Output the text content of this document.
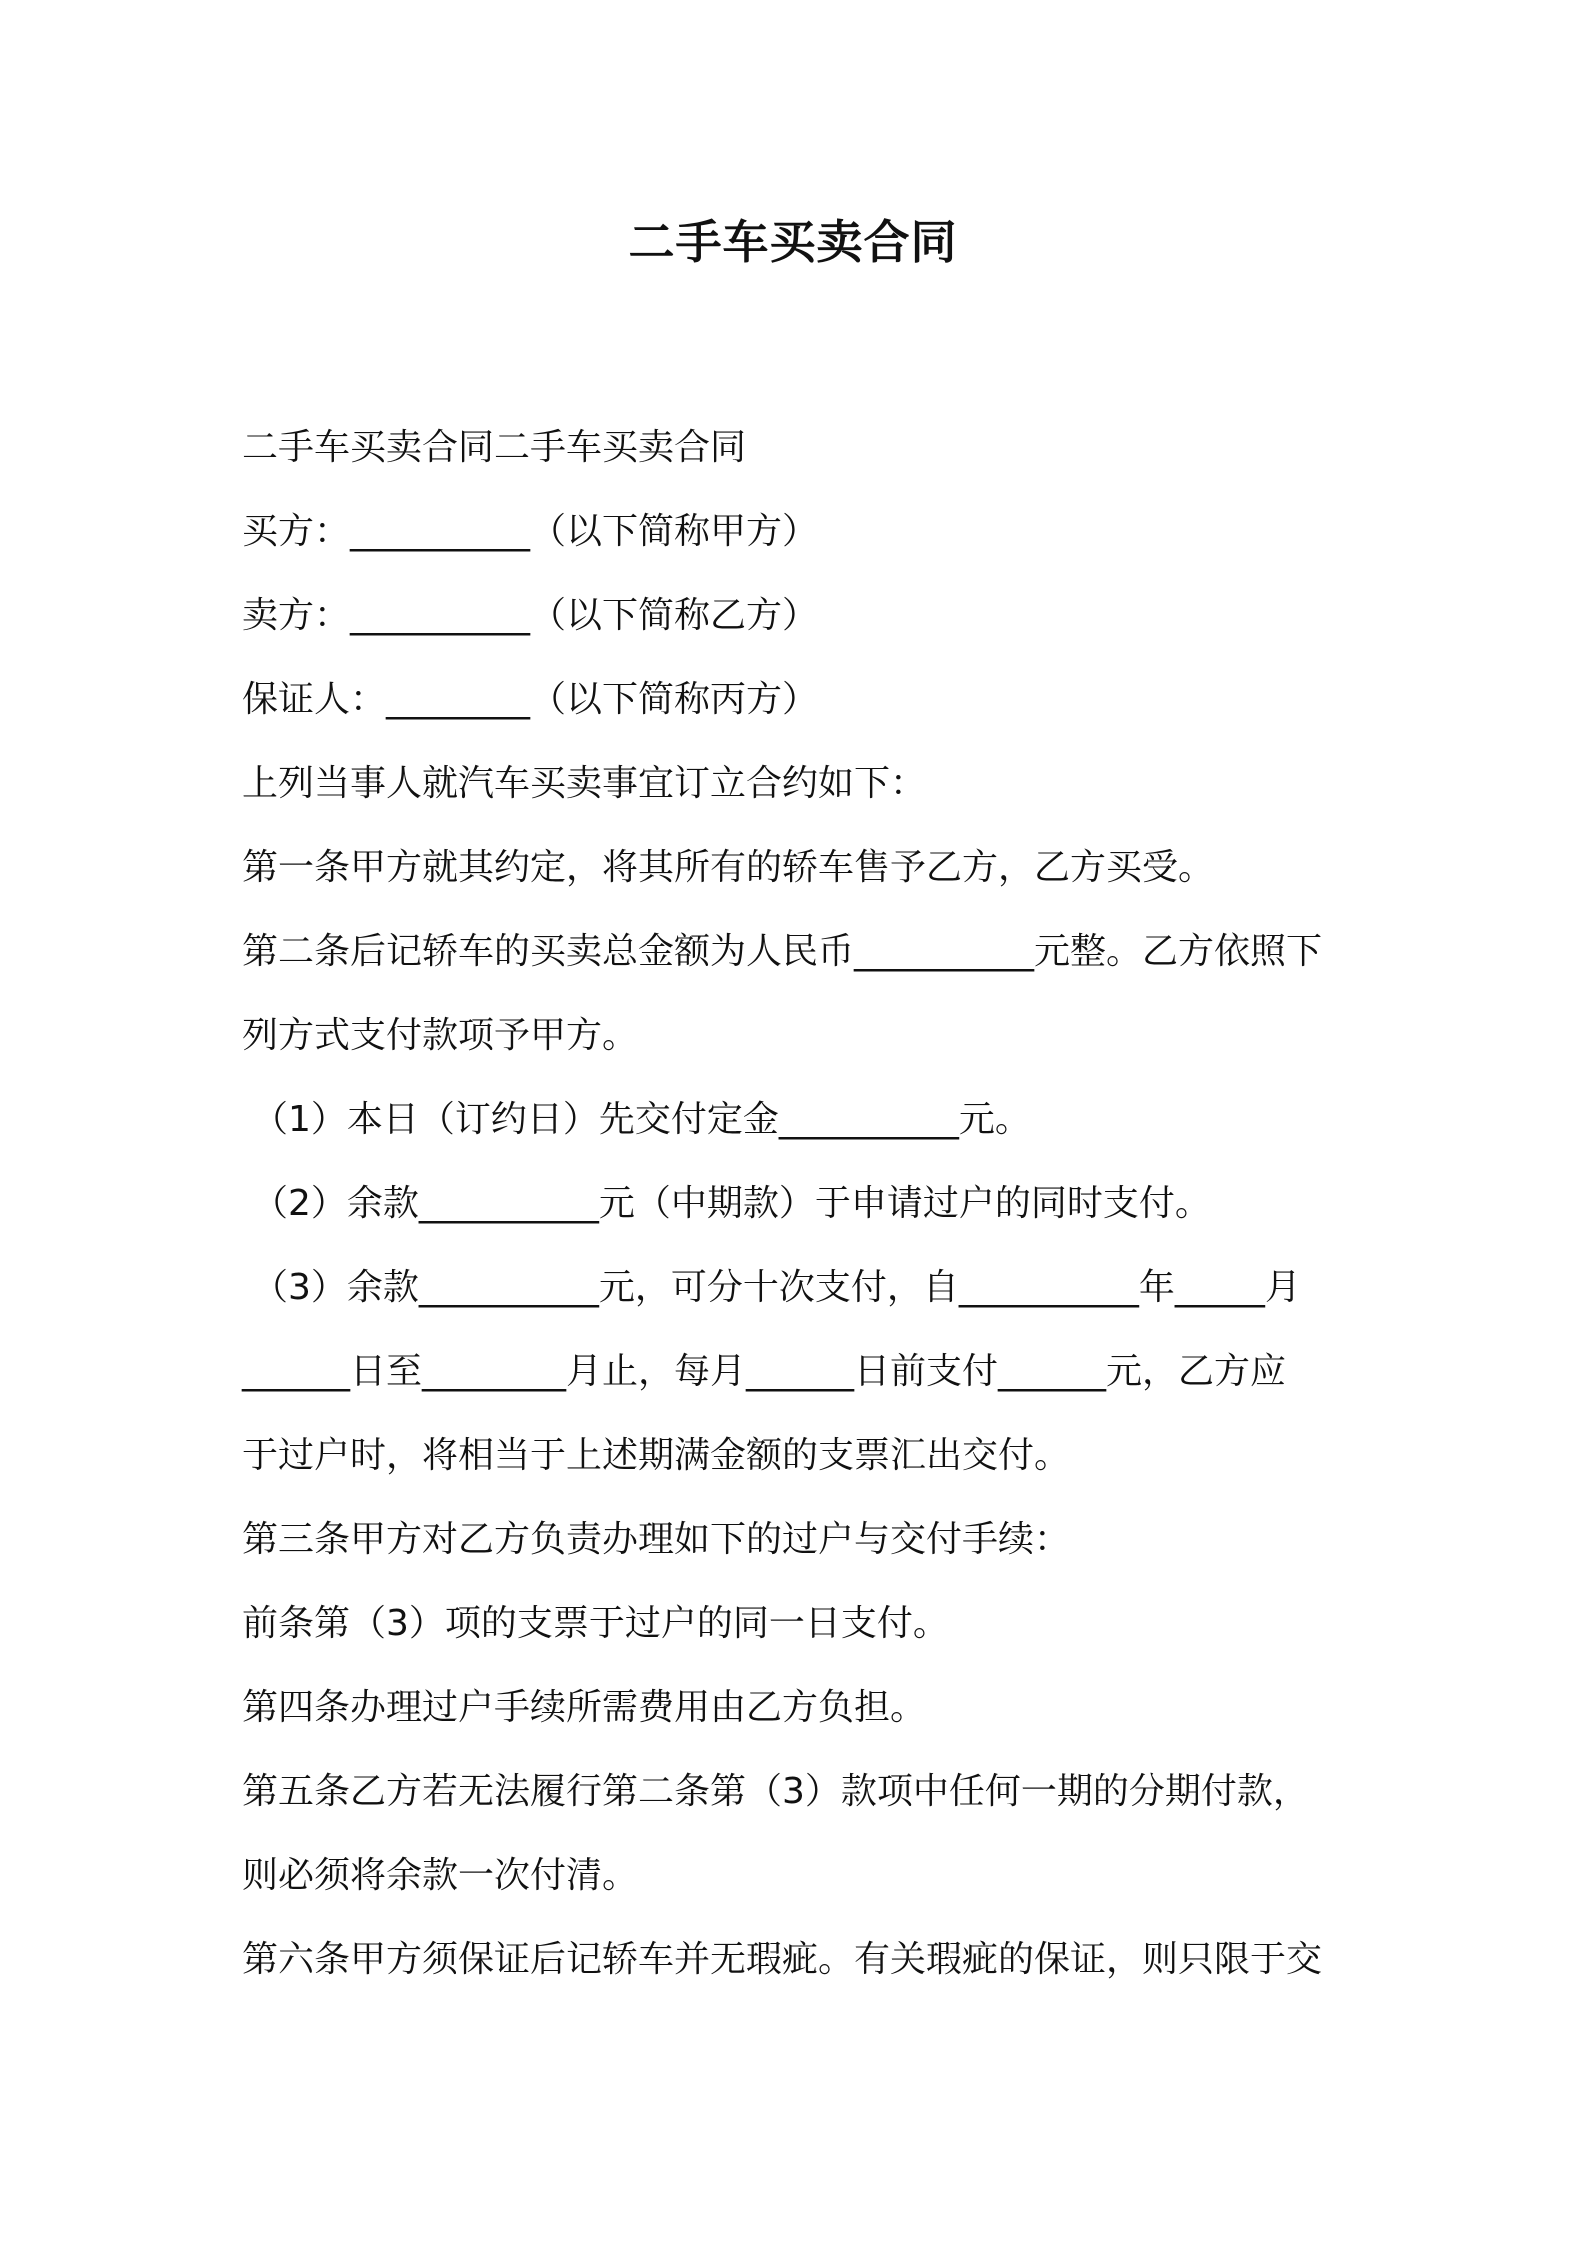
二手车买卖合同
二手车买卖合同二手车买卖合同
买方：__________（以下简称甲方）
卖方：__________（以下简称乙方）
保证人：________（以下简称丙方）
上列当事人就汽车买卖事宜订立合约如下：
第一条甲方就其约定，将其所有的轿车售予乙方，乙方买受。
第二条后记轿车的买卖总金额为人民币__________元整。乙方依照下
列方式支付款项予甲方。
（1）本日（订约日）先交付定金__________元。
（2）余款__________元（中期款）于申请过户的同时支付。
（3）余款__________元，可分十次支付，自__________年_____月
______日至________月止，每月______日前支付______元，乙方应
于过户时，将相当于上述期满金额的支票汇出交付。
第三条甲方对乙方负责办理如下的过户与交付手续：
前条第（3）项的支票于过户的同一日支付。
第四条办理过户手续所需费用由乙方负担。
第五条乙方若无法履行第二条第（3）款项中任何一期的分期付款，
则必须将余款一次付清。
第六条甲方须保证后记轿车并无瑕疵。有关瑕疵的保证，则只限于交
